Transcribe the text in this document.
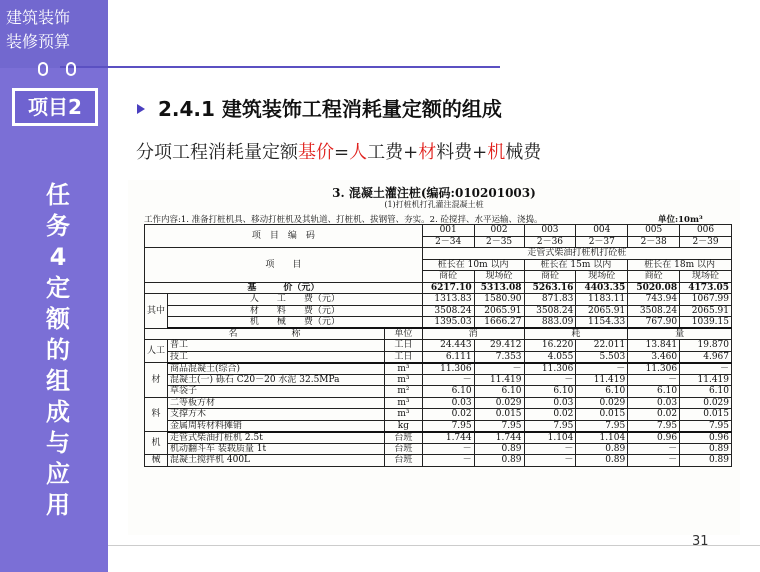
建筑装饰
装修预算
项目2
任
务
4
定
额
的
组
成
与
应
用
2.4.1 建筑装饰工程消耗量定额的组成
分项工程消耗量定额基价=人工费+材料费+机械费
3. 混凝土灌注桩(编码:010201003)
(1)打桩机打孔灌注混凝土桩
工作内容:1. 准备打桩机具、移动打桩机及其轨道、打桩机、拔钢管、夯实。2. 砼搅拌、水平运输、浇捣。	单位:10m³
项　目　编　码			001	002	003	004	005	006
			2－34	2－35	2－36	2－37	2－38	2－39
项　　目			走管式柴油打桩机打砼桩					
			桩长在 10m 以内		桩长在 15m 以内		桩长在 18m 以内	
			商砼	现场砼	商砼	现场砼	商砼	现场砼
基　　　价（元）			6217.10	5313.08	5263.16	4403.35	5020.08	4173.05
其中	人　　工　　费（元）		1313.83	1580.90	871.83	1183.11	743.94	1067.99
	材　　料　　费（元）		3508.24	2065.91	3508.24	2065.91	3508.24	2065.91
	机　　械　　费（元）		1395.03	1666.27	883.09	1154.33	767.90	1039.15
名　　　　　　称		单位	消		耗		量	
人工	普工	工日	24.443	29.412	16.220	22.011	13.841	19.870
	技工	工日	6.111	7.353	4.055	5.503	3.460	4.967
材	商品混凝土(综合)	m³	11.306	－	11.306	－	11.306	－
	混凝土(一) 砾石 C20－20 水泥 32.5MPa	m³	－	11.419	－	11.419	－	11.419
	草袋子	m²	6.10	6.10	6.10	6.10	6.10	6.10
料	二等板方材	m³	0.03	0.029	0.03	0.029	0.03	0.029
	支撑方木	m³	0.02	0.015	0.02	0.015	0.02	0.015
	金属周转材料摊销	kg	7.95	7.95	7.95	7.95	7.95	7.95
机	走管式柴油打桩机 2.5t	台班	1.744	1.744	1.104	1.104	0.96	0.96
	机动翻斗车 装载质量 1t	台班	－	0.89	－	0.89	－	0.89
械	混凝土搅拌机 400L	台班	－	0.89	－	0.89	－	0.89
31
